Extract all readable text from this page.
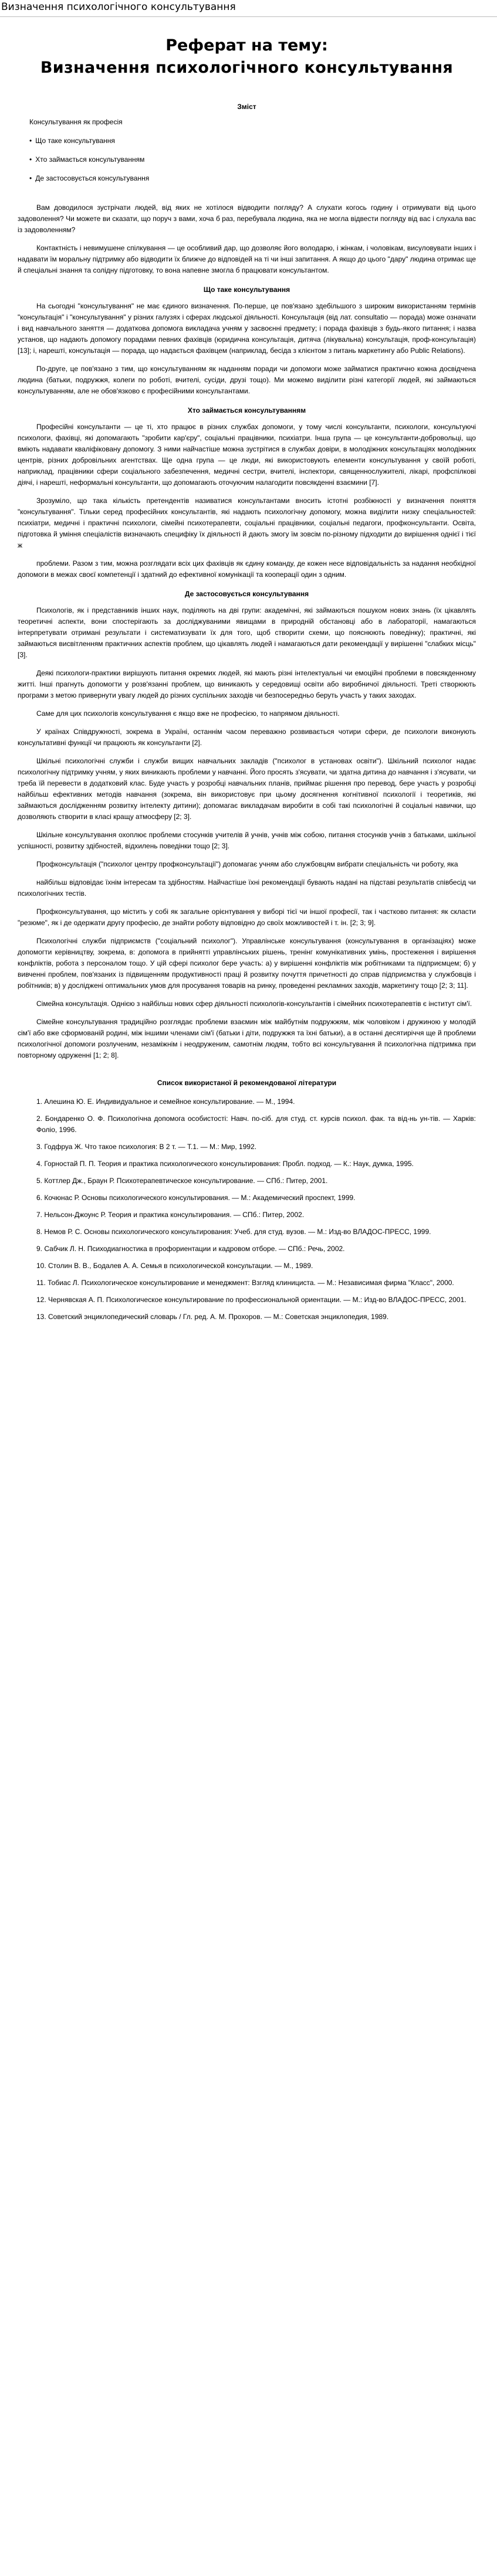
Визначення психологічного консультування
Реферат на тему:
Визначення психологічного консультування
Зміст
Консультування як професія
• Що таке консультування
• Хто займається консультуванням
• Де застосовується консультування

Вам доводилося зустрічати людей, від яких не хотілося відводити погляду? А слухати когось годину і отримувати від цього задоволення? Чи можете ви сказати, що поруч з вами, хоча б раз, перебувала людина, яка не могла відвести погляду від вас і слухала вас із задоволенням?

Контактність і невимушене спілкування — це особливий дар, що дозволяє його володарю, і жінкам, і чоловікам, висуловувати інших і надавати їм моральну підтримку або відводити їх ближче до відповідей на ті чи інші запитання. А якщо до цього "дару" людина отримає ще й спеціальні знання та солідну підготовку, то вона напевне змогла б працювати консультантом.

Що таке консультування

На сьогодні "консультування" не має єдиного визначення. По-перше, це пов'язано здебільшого з широким використанням термінів "консультація" і "консультування" у різних галузях і сферах людської діяльності. Консультація (від лат. consultatio — порада) може означати і вид навчального заняття — додаткова допомога викладача учням у засвоєнні предмету; і порада фахівців з будь-якого питання; і назва установ, що надають допомогу порадами певних фахівців (юридична консультація, дитяча (лікувальна) консультація, проф-консультація) [13]; і, нарешті, консультація — порада, що надається фахівцем (наприклад, бесіда з клієнтом з питань маркетингу або Public Relations).

По-друге, це пов'язано з тим, що консультуванням як наданням поради чи допомоги може займатися практично кожна досвідчена людина (батьки, подружжя, колеги по роботі, вчителі, сусіди, друзі тощо). Ми можемо виділити різні категорії людей, які займаються консультуванням, але не обов'язково є професійними консультантами.

Хто займається консультуванням

Професійні консультанти — це ті, хто працює в різних службах допомоги, у тому числі консультанти, психологи, консультуючі психологи, фахівці, які допомагають "зробити кар'єру", соціальні працівники, психіатри. Інша група — це консультанти-добровольці, що вміють надавати кваліфіковану допомогу. З ними найчастіше можна зустрітися в службах довіри, в молодіжних консультаціях молодіжних центрів, різних добровільних агентствах. Ще одна група — це люди, які використовують елементи консультування у своїй роботі, наприклад, працівники сфери соціального забезпечення, медичні сестри, вчителі, інспектори, священнослужителі, лікарі, профспілкові діячі, і нарешті, неформальні консультанти, що допомагають оточуючим налагодити повсякденні взаємини [7].

Зрозуміло, що така кількість претендентів називатися консультантами вносить істотні розбіжності у визначення поняття "консультування". Тільки серед професійних консультантів, які надають психологічну допомогу, можна виділити низку спеціальностей: психіатри, медичні і практичні психологи, сімейні психотерапевти, соціальні працівники, соціальні педагоги, профконсультанти. Освіта, підготовка й уміння спеціалістів визначають специфіку їх діяльності й дають змогу їм зовсім по-різному підходити до вирішення однієї і тієї ж

проблеми. Разом з тим, можна розглядати всіх цих фахівців як єдину команду, де кожен несе відповідальність за надання необхідної допомоги в межах своєї компетенції і здатний до ефективної комунікації та кооперації один з одним.

Де застосовується консультування

Психологів, як і представників інших наук, поділяють на дві групи: академічні, які займаються пошуком нових знань (їх цікавлять теоретичні аспекти, вони спостерігають за досліджуваними явищами в природній обстановці або в лабораторії, намагаються інтерпретувати отримані результати і систематизувати їх для того, щоб створити схеми, що пояснюють поведінку); практичні, які займаються висвітленням практичних аспектів проблем, що цікавлять людей і намагаються дати рекомендації у вирішенні "слабких місць" [3].

Деякі психологи-практики вирішують питання окремих людей, які мають різні інтелектуальні чи емоційні проблеми в повсякденному житті. Інші прагнуть допомогти у розв'язанні проблем, що виникають у середовищі освіти або виробничої діяльності. Треті створюють програми з метою привернути увагу людей до різних суспільних заходів чи безпосередньо беруть участь у таких заходах.

Саме для цих психологів консультування є якщо вже не професією, то напрямом діяльності.

У країнах Співдружності, зокрема в Україні, останнім часом переважно розвивається чотири сфери, де психологи виконують консультативні функції чи працюють як консультанти [2].

Шкільні психологічні служби і служби вищих навчальних закладів ("психолог в установах освіти"). Шкільний психолог надає психологічну підтримку учням, у яких виникають проблеми у навчанні. Його просять з'ясувати, чи здатна дитина до навчання і з'ясувати, чи треба їй перевести в додатковий клас. Буде участь у розробці навчальних планів, приймає рішення про перевод, бере участь у розробці найбільш ефективних методів навчання (зокрема, він використовує при цьому досягнення когнітивної психології і теоретиків, які займаються дослідженням розвитку інтелекту дитини); допомагає викладачам виробити в собі такі психологічні й соціальні навички, що дозволяють створити в класі кращу атмосферу [2; 3].

Шкільне консультування охоплює проблеми стосунків учителів й учнів, учнів між собою, питання стосунків учнів з батьками, шкільної успішності, розвитку здібностей, відхилень поведінки тощо [2; 3].

Профконсультація ("психолог центру профконсультації") допомагає учням або службовцям вибрати спеціальність чи роботу, яка

найбільш відповідає їхнім інтересам та здібностям. Найчастіше їхні рекомендації бувають надані на підставі результатів співбесід чи психологічних тестів.

Профконсультування, що містить у собі як загальне орієнтування у виборі тієї чи іншої професії, так і частково питання: як скласти "резюме", як і де одержати другу професію, де знайти роботу відповідно до своїх можливостей і т. ін. [2; 3; 9].

Психологічні служби підприємств ("соціальний психолог"). Управлінське консультування (консультування в організаціях) може допомогти керівництву, зокрема, в: допомога в прийнятті управлінських рішень, тренінг комунікативних умінь, простеження і вирішення конфліктів, робота з персоналом тощо. У цій сфері психолог бере участь: а) у вирішенні конфліктів між робітниками та підприємцем; б) у вивченні проблем, пов'язаних із підвищенням продуктивності праці й розвитку почуття причетності до справ підприємства у службовців і робітників; в) у досліджені оптимальних умов для просування товарів на ринку, проведенні рекламних заходів, маркетингу тощо [2; 3; 11].

Сімейна консультація. Однією з найбільш нових сфер діяльності психологів-консультантів і сімейних психотерапевтів є інститут сім'ї.

Сімейне консультування традиційно розглядає проблеми взаємин між майбутнім подружжям, між чоловіком і дружиною у молодій сім'ї або вже сформованій родині, між іншими членами сім'ї (батьки і діти, подружжя та їхні батьки), а в останні десятиріччя ще й проблеми психологічної допомоги розлученим, незаміжнім і неодруженим, самотнім людям, тобто всі консультування й психологічна підтримка при повторному одруженні [1; 2; 8].

Список використаної й рекомендованої літератури
1. Алешина Ю. Е. Индивидуальное и семейное консультирование. — М., 1994.
2. Бондаренко О. Ф. Психологічна допомога особистості: Навч. по-сіб. для студ. ст. курсів психол. фак. та від-нь ун-тів. — Харків: Фоліо, 1996.
3. Годфруа Ж. Что такое психология: В 2 т. — Т.1. — М.: Мир, 1992.
4. Горностай П. П. Теория и практика психологического консультирования: Пробл. подход. — К.: Наук, думка, 1995.
5. Коттлер Дж., Браун Р. Психотерапевтическое консультирование. — СПб.: Питер, 2001.
6. Кочюнас Р. Основы психологического консультирования. — М.: Академический проспект, 1999.
7. Нельсон-Джоунс Р. Теория и практика консультирования. — СПб.: Питер, 2002.
8. Немов Р. С. Основы психологического консультирования: Учеб. для студ. вузов. — М.: Изд-во ВЛАДОС-ПРЕСС, 1999.
9. Сабчик Л. Н. Психодиагностика в профориентации и кадровом отборе. — СПб.: Речь, 2002.
10. Столин В. В., Бодалев А. А. Семья в психологической консультации. — М., 1989.
11. Тобиас Л. Психологическое консультирование и менеджмент: Взгляд клинициста. — М.: Независимая фирма "Класс", 2000.
12. Чернявская А. П. Психологическое консультирование по профессиональной ориентации. — М.: Изд-во ВЛАДОС-ПРЕСС, 2001.
13. Советский энциклопедический словарь / Гл. ред. А. М. Прохоров. — М.: Советская энциклопедия, 1989.
